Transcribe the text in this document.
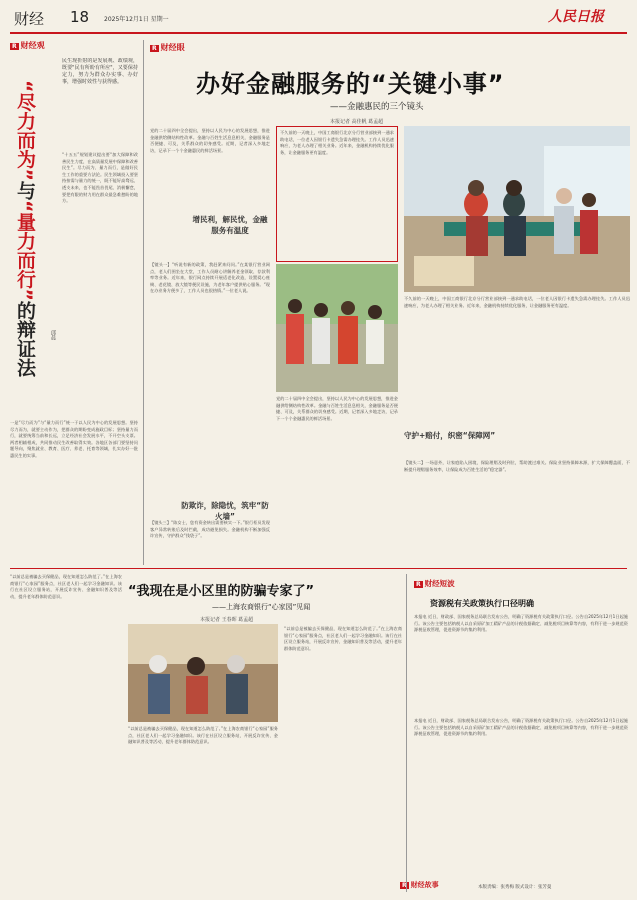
财经 18 2025年12月1日 星期一	人民日报
R 财经观
民生现折射的是发展观、政绩观，既要"民有所盼有所应"，又要保持定力，努力为群众办实事、办好事，增强时效性与获得感。
“尽力而为”
与
“量力而行”
的辩证法	邱晨
“十五五”规划建议提出要“加大保障和改善民生力度，在高质量发展中保障和改善民生”。尽力而为、量力而行，是做好民生工作的重要方法论。民生领域投入要坚持按需与量力的统一，既不能好高骛远、透支未来，也不能畏首畏尾、消极懈怠，要把有限的财力用在群众最急难愁盼的地方。
一是“尽力而为”与“量力而行”统一于以人民为中心的发展思想。坚持尽力而为，就要主动作为，把群众的期盼变成施政目标；坚持量力而行，就要统筹当前和长远，立足经济社会发展水平，不开空头支票。两者相辅相成，共同推动民生改善取得实效。各地区各部门要坚持问题导向，聚焦就业、教育、医疗、养老、托育等领域，扎实办好一批惠民生的实事。
R 财经眼
办好金融服务的“关键小事”
——金融惠民的三个镜头
本报记者 高佳帆 葛孟超
党的二十届四中全会提出，坚持以人民为中心的发展思想，推进金融供给侧结构性改革。金融与百姓生活息息相关，金融服务是否便捷、可及，关系群众的切身感受。近期，记者深入多地走访，记录下一个个金融惠民的鲜活场景。
不久前的一天晚上，中国工商银行北京分行营业部接到一通求助电话，一位老人因银行卡遗失急需办理挂失。工作人员迅速响应，为老人办理了相关业务。近年来，金融机构持续优化服务，让金融服务更有温度。
增民利，解民忧，金融服务有温度
【镜头一】“听说有新的政策，我赶紧来问问。”在某银行营业网点，老人们围坐在大堂，工作人员耐心讲解养老金领取、存款利率等业务。近年来，银行网点持续开展适老化改造，设置爱心座椅、老花镜、放大镜等便民设施，为老年客户提供贴心服务。“现在办业务方便多了，工作人员也很热情。”一位老人说。
不久前的一天晚上，中国工商银行北京分行营业部接到一通求助电话，一位老人因银行卡遗失急需办理挂失。工作人员迅速响应，为老人办理了相关业务。近年来，金融机构持续优化服务，让金融服务更有温度。
防欺诈，除隐忧，筑牢“防火墙”
【镜头三】“陈女士，您有资金转出需要核实一下。”银行柜员发现客户异常转账后及时拦截，成功避免损失。金融机构不断加强反诈宣传，守护群众“钱袋子”。
党的二十届四中全会提出，坚持以人民为中心的发展思想，推进金融供给侧结构性改革。金融与百姓生活息息相关，金融服务是否便捷、可及，关系群众的切身感受。近期，记者深入多地走访，记录下一个个金融惠民的鲜活场景。
守护+赔付，织密“保障网”
【镜头二】一场意外，让家庭陷入困境，保险理赔及时到位，帮助渡过难关。保险业坚持保障本源，扩大保障覆盖面，不断提升理赔服务效率，让保险成为百姓生活的“稳定器”。
“我现在是小区里的防骗专家了”
——上海农商银行“心家园”见闻
本报记者 王春晖 葛孟超
“以前总是被骗去买保健品，现在知道怎么防范了。”在上海农商银行“心家园”服务点，社区老人们一起学习金融知识。该行在社区设立服务站，开展反诈宣传、金融知识普及等活动，提升老年群体防范意识。
“以前总是被骗去买保健品，现在知道怎么防范了。”在上海农商银行“心家园”服务点，社区老人们一起学习金融知识。该行在社区设立服务站，开展反诈宣传、金融知识普及等活动，提升老年群体防范意识。
“以前总是被骗去买保健品，现在知道怎么防范了。”在上海农商银行“心家园”服务点，社区老人们一起学习金融知识。该行在社区设立服务站，开展反诈宣传、金融知识普及等活动，提升老年群体防范意识。
R 财经故事
R 财经短波
资源税有关政策执行口径明确
本报电 近日，财政部、国家税务总局联合发布公告，明确了资源税有关政策执行口径。公告自2025年12月1日起施行。该公告主要包括纳税人以自采原矿加工精矿产品的计税依据确定、减免税项目核算等内容，有利于进一步规范资源税征收管理，促进资源节约集约利用。
本报电 近日，财政部、国家税务总局联合发布公告，明确了资源税有关政策执行口径。公告自2025年12月1日起施行。该公告主要包括纳税人以自采原矿加工精矿产品的计税依据确定、减免税项目核算等内容，有利于进一步规范资源税征收管理，促进资源节约集约利用。
本版责编：张秀梅 版式设计：张芳曼
